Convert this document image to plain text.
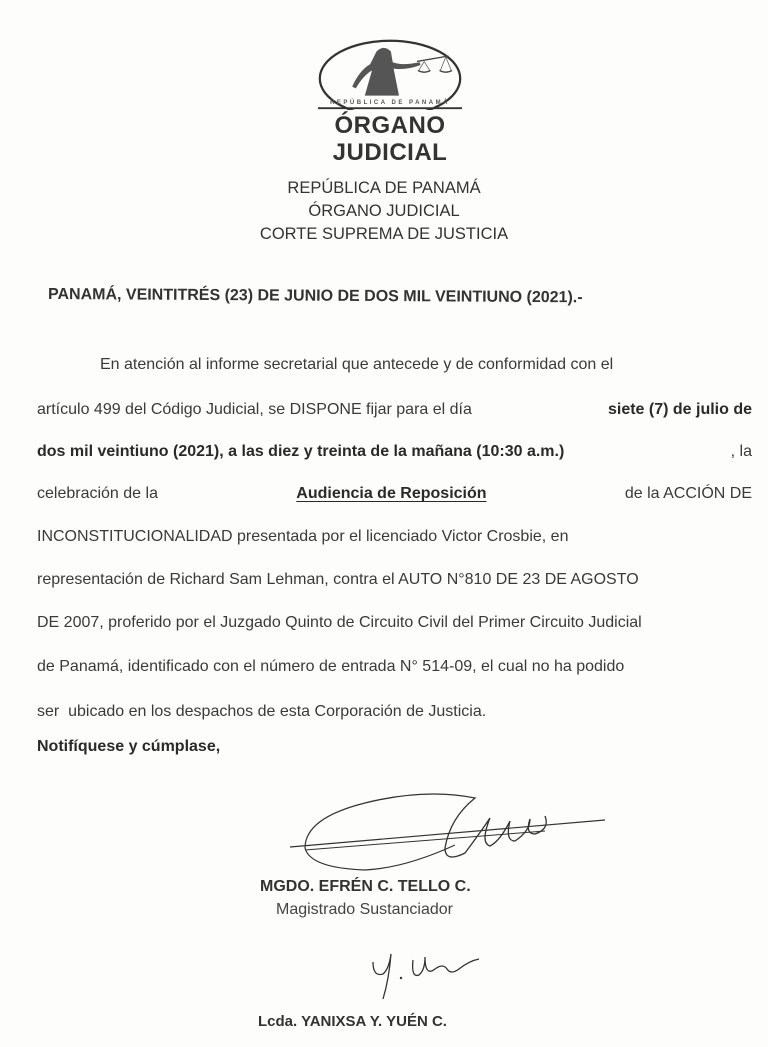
REPÚBLICA DE PANAMÁ
ÓRGANO
JUDICIAL
REPÚBLICA DE PANAMÁ
ÓRGANO JUDICIAL
CORTE SUPREMA DE JUSTICIA
PANAMÁ, VEINTITRÉS (23) DE JUNIO DE DOS MIL VEINTIUNO (2021).-
En atención al informe secretarial que antecede y de conformidad con el
artículo 499 del Código Judicial, se DISPONE fijar para el día	siete (7) de julio de
dos mil veintiuno (2021), a las diez y treinta de la mañana (10:30 a.m.)	, la
celebración de la	Audiencia de Reposición	de la ACCIÓN DE
INCONSTITUCIONALIDAD presentada por el licenciado Victor Crosbie, en
representación de Richard Sam Lehman, contra el AUTO N°810 DE 23 DE AGOSTO
DE 2007, proferido por el Juzgado Quinto de Circuito Civil del Primer Circuito Judicial
de Panamá, identificado con el número de entrada N° 514-09, el cual no ha podido
ser  ubicado en los despachos de esta Corporación de Justicia.
Notifíquese y cúmplase,
MGDO. EFRÉN C. TELLO C.
Magistrado Sustanciador
Lcda. YANIXSA Y. YUÉN C.
